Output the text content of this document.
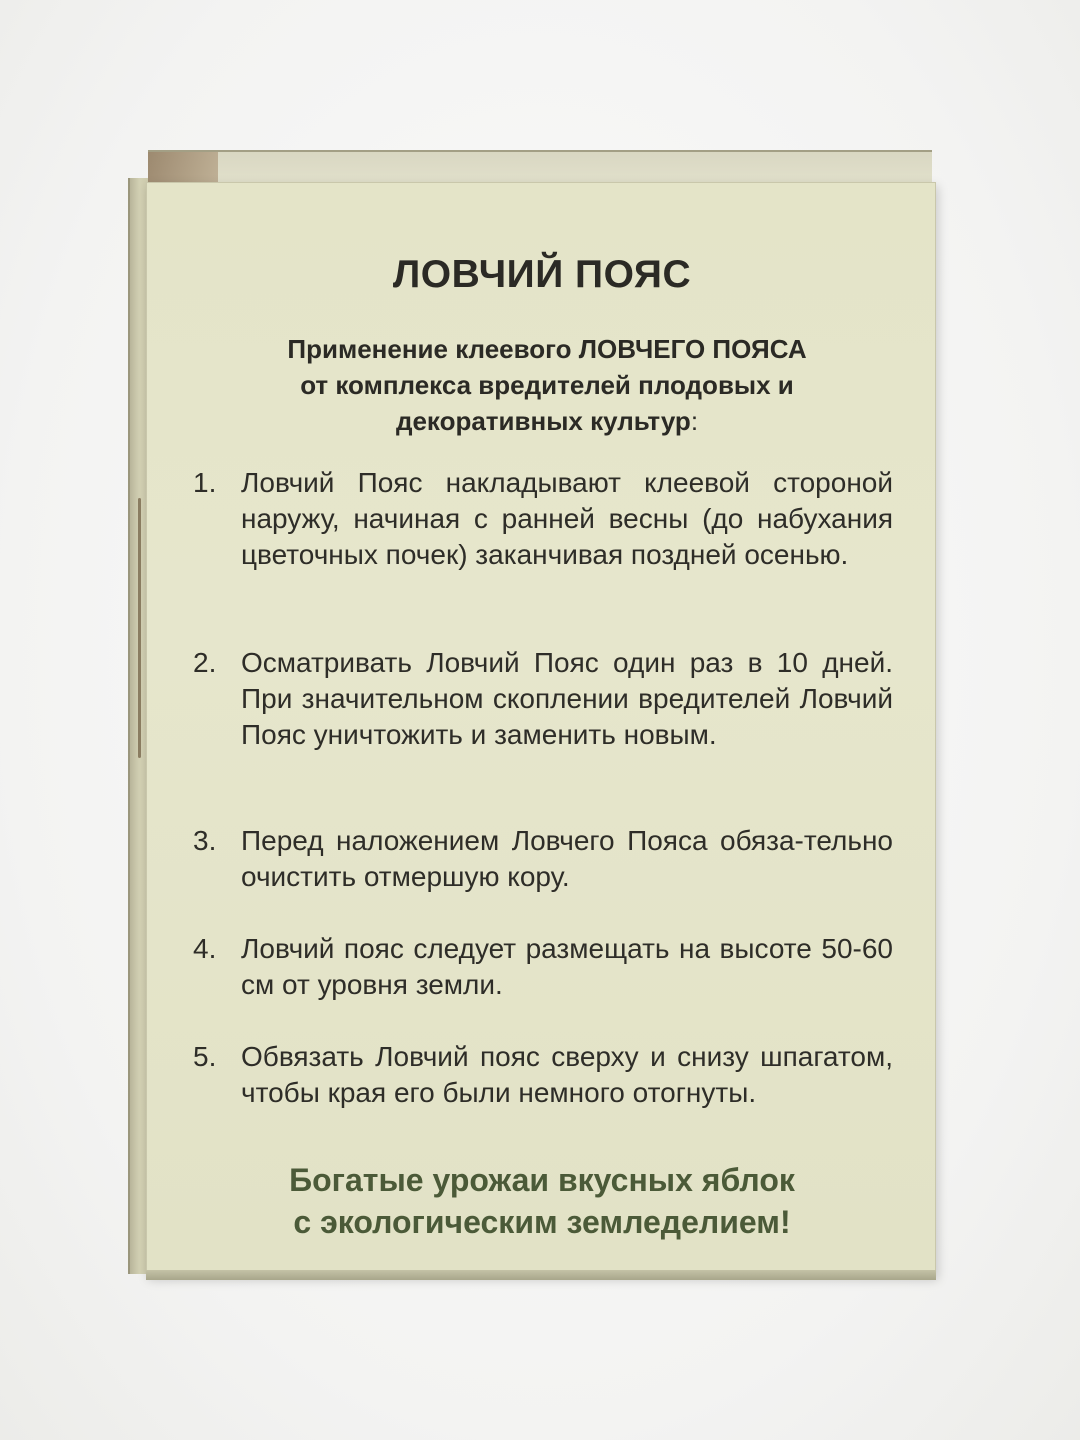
ЛОВЧИЙ ПОЯС
Применение клеевого ЛОВЧЕГО ПОЯСА
от комплекса вредителей плодовых и
декоративных культур:
1. Ловчий Пояс накладывают клеевой стороной наружу, начиная с ранней весны (до набухания цветочных почек) заканчивая поздней осенью.
2. Осматривать Ловчий Пояс один раз в 10 дней. При значительном скоплении вредителей Ловчий Пояс уничтожить и заменить новым.
3. Перед наложением Ловчего Пояса обяза-тельно очистить отмершую кору.
4. Ловчий пояс следует размещать на высоте 50-60 см от уровня земли.
5. Обвязать Ловчий пояс сверху и снизу шпагатом, чтобы края его были немного отогнуты.
Богатые урожаи вкусных яблок
с экологическим земледелием!
